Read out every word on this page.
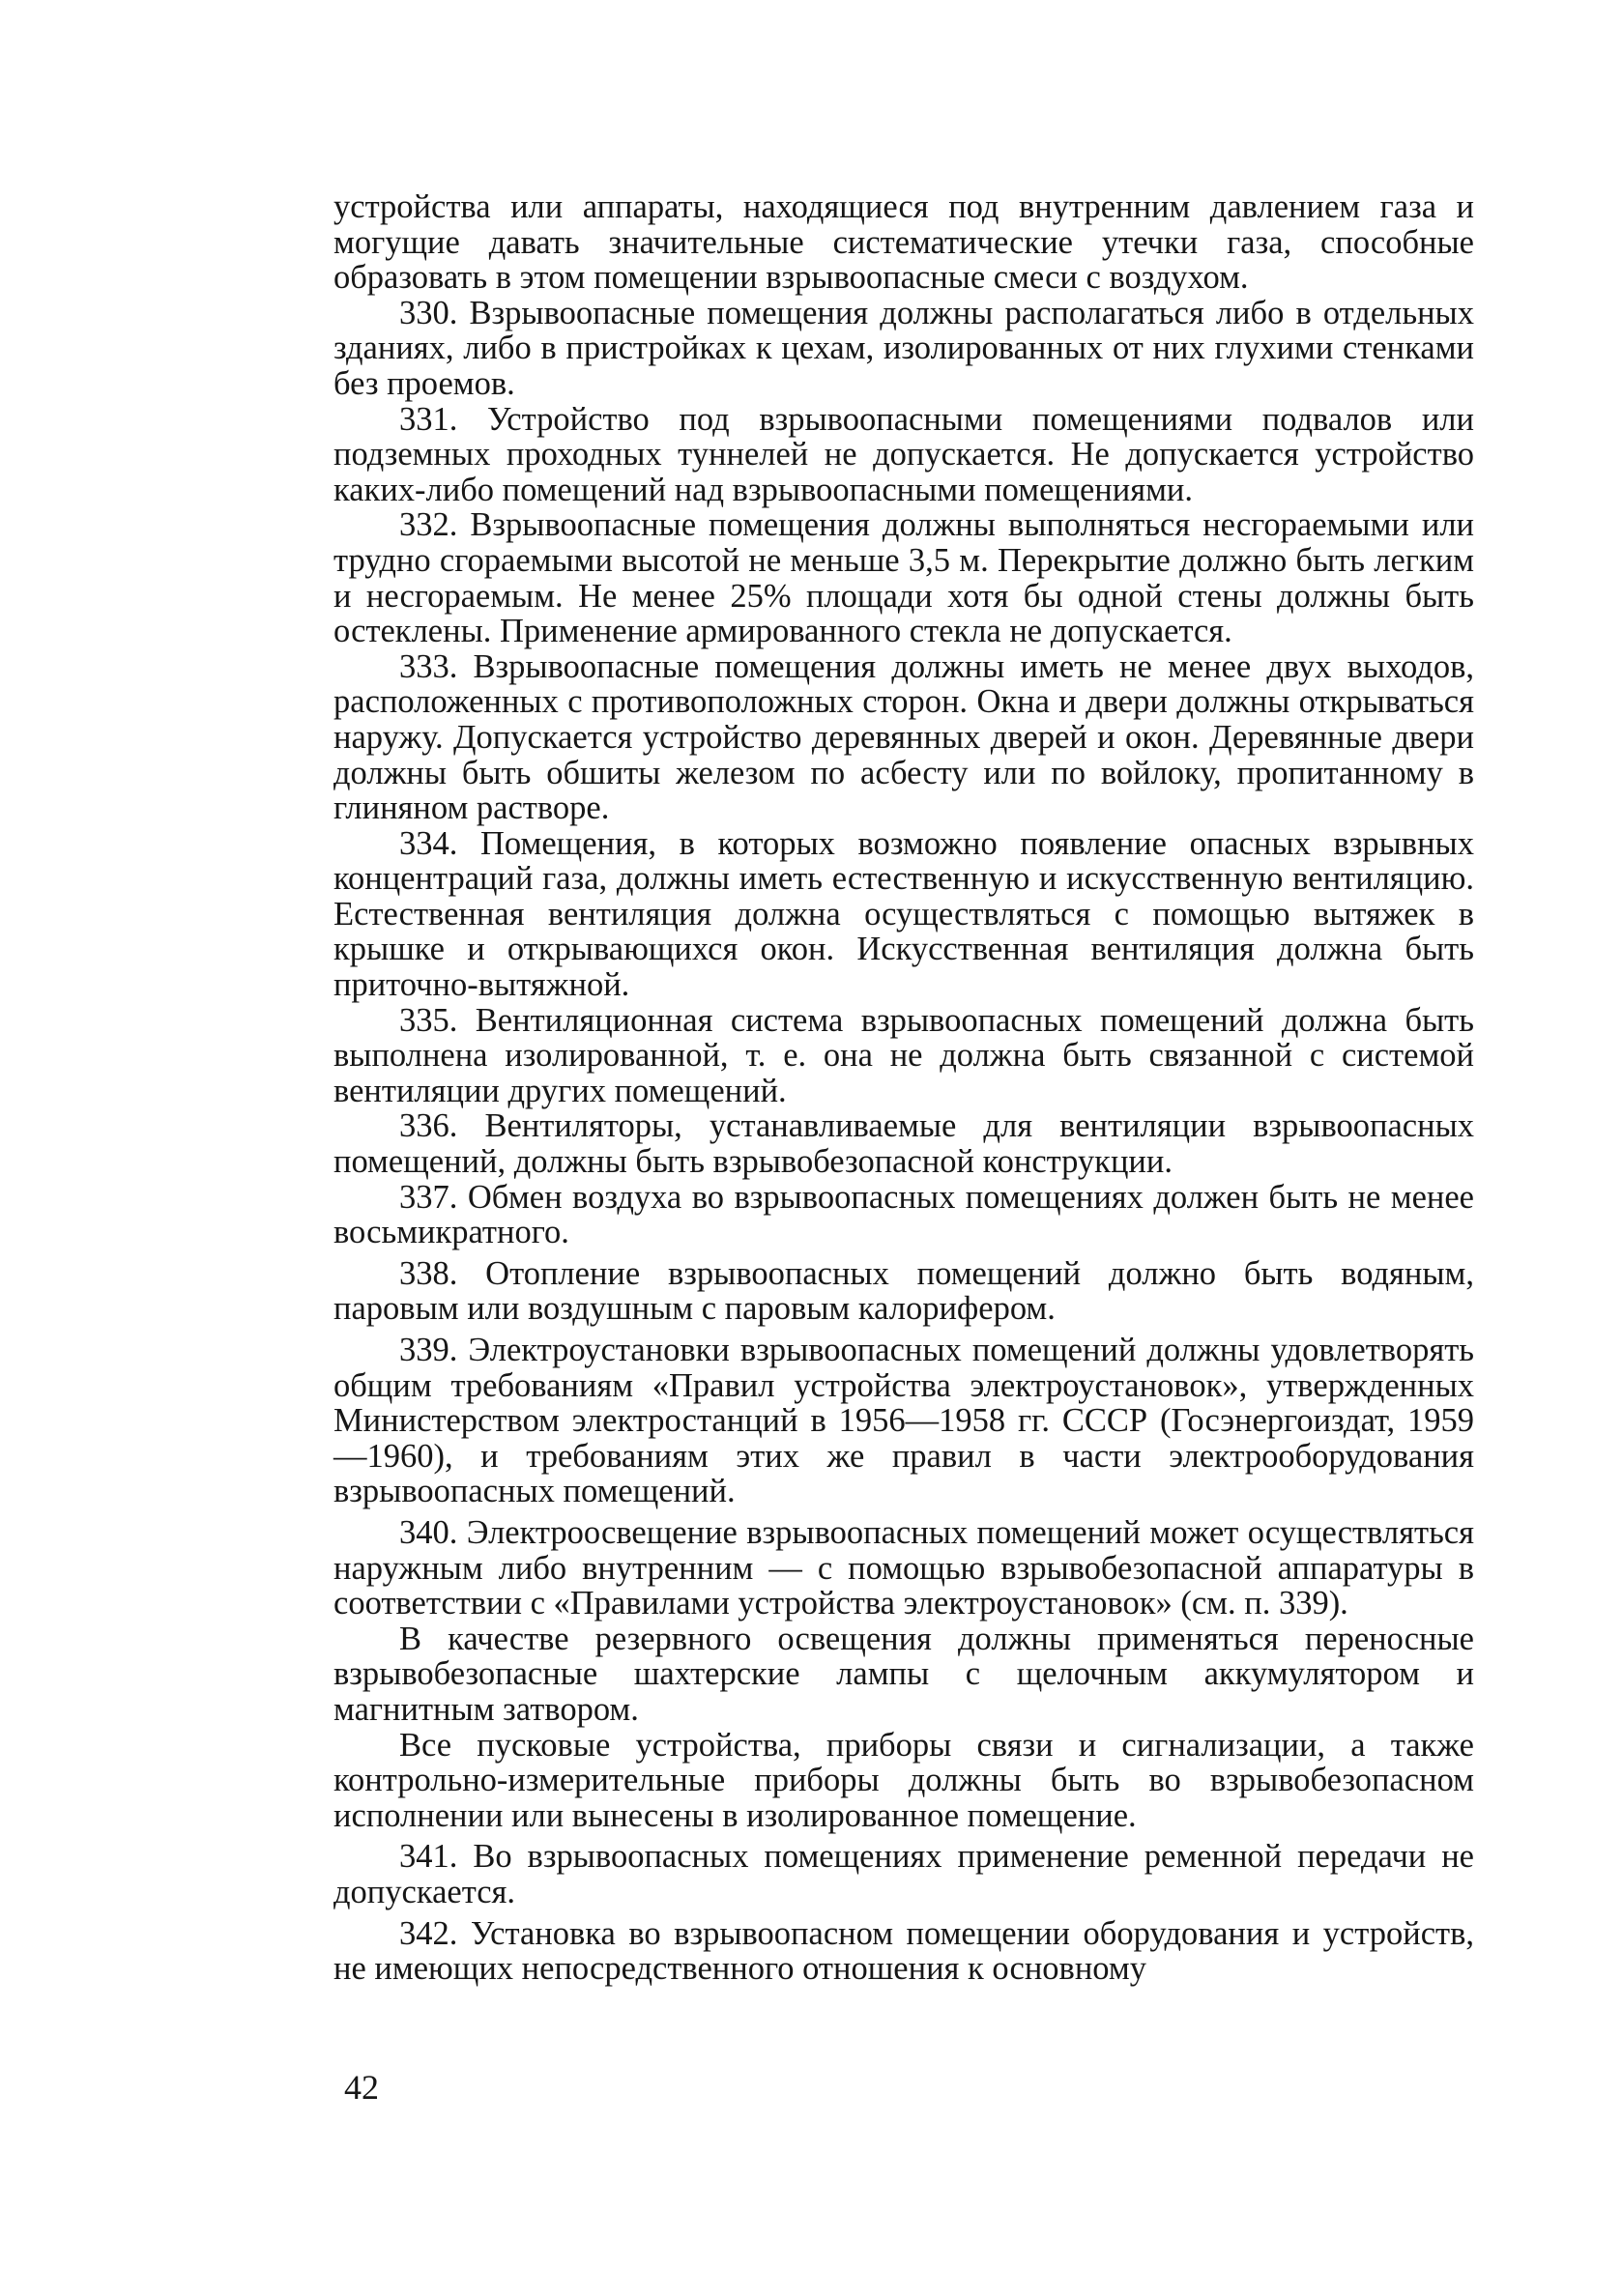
устройства или аппараты, находящиеся под внутренним давлением газа и могущие давать значительные систематические утечки газа, способные образовать в этом помещении взрывоопасные смеси с воздухом.

330. Взрывоопасные помещения должны располагаться либо в отдельных зданиях, либо в пристройках к цехам, изолированных от них глухими стенками без проемов.

331. Устройство под взрывоопасными помещениями подвалов или подземных проходных туннелей не допускается. Не допускается устройство каких-либо помещений над взрывоопасными помещениями.

332. Взрывоопасные помещения должны выполняться несгораемыми или трудно сгораемыми высотой не меньше 3,5 м. Перекрытие должно быть легким и несгораемым. Не менее 25% площади хотя бы одной стены должны быть остеклены. Применение армированного стекла не допускается.

333. Взрывоопасные помещения должны иметь не менее двух выходов, расположенных с противоположных сторон. Окна и двери должны открываться наружу. Допускается устройство деревянных дверей и окон. Деревянные двери должны быть обшиты железом по асбесту или по войлоку, пропитанному в глиняном растворе.

334. Помещения, в которых возможно появление опасных взрывных концентраций газа, должны иметь естественную и искусственную вентиляцию. Естественная вентиляция должна осуществляться с помощью вытяжек в крышке и открывающихся окон. Искусственная вентиляция должна быть приточно-вытяжной.

335. Вентиляционная система взрывоопасных помещений должна быть выполнена изолированной, т. е. она не должна быть связанной с системой вентиляции других помещений.

336. Вентиляторы, устанавливаемые для вентиляции взрывоопасных помещений, должны быть взрывобезопасной конструкции.

337. Обмен воздуха во взрывоопасных помещениях должен быть не менее восьмикратного.

338. Отопление взрывоопасных помещений должно быть водяным, паровым или воздушным с паровым калорифером.

339. Электроустановки взрывоопасных помещений должны удовлетворять общим требованиям «Правил устройства электроустановок», утвержденных Министерством электростанций в 1956—1958 гг. СССР (Госэнергоиздат, 1959—1960), и требованиям этих же правил в части электрооборудования взрывоопасных помещений.

340. Электроосвещение взрывоопасных помещений может осуществляться наружным либо внутренним — с помощью взрывобезопасной аппаратуры в соответствии с «Правилами устройства электроустановок» (см. п. 339).

В качестве резервного освещения должны применяться переносные взрывобезопасные шахтерские лампы с щелочным аккумулятором и магнитным затвором.

Все пусковые устройства, приборы связи и сигнализации, а также контрольно-измерительные приборы должны быть во взрывобезопасном исполнении или вынесены в изолированное помещение.

341. Во взрывоопасных помещениях применение ременной передачи не допускается.

342. Установка во взрывоопасном помещении оборудования и устройств, не имеющих непосредственного отношения к основному

42
